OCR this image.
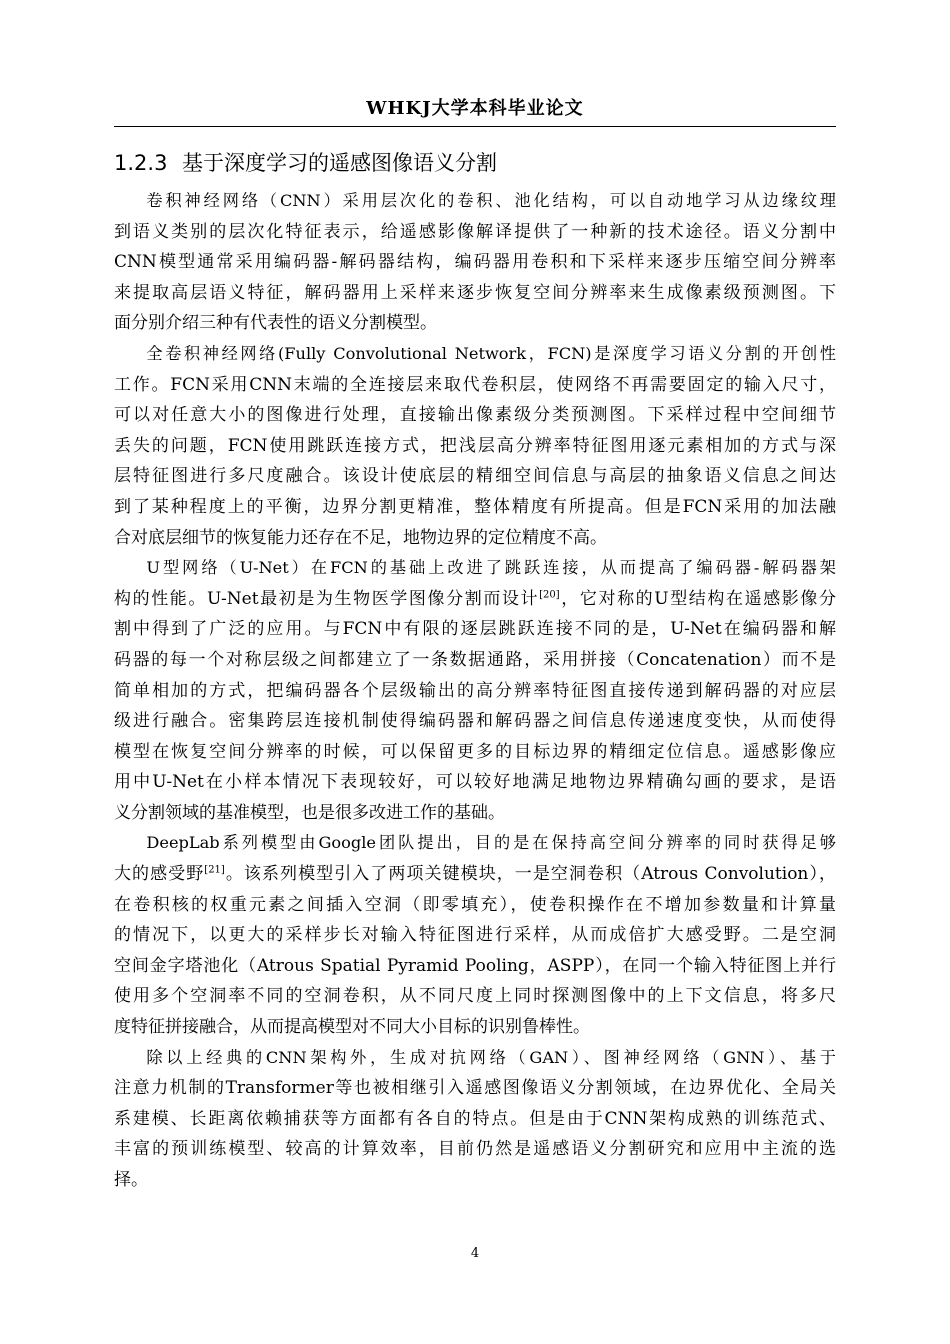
WHKJ大学本科毕业论文
1.2.3 基于深度学习的遥感图像语义分割

卷积神经网络（CNN）采用层次化的卷积、池化结构，可以自动地学习从边缘纹理
到语义类别的层次化特征表示，给遥感影像解译提供了一种新的技术途径。语义分割中
CNN模型通常采用编码器-解码器结构，编码器用卷积和下采样来逐步压缩空间分辨率
来提取高层语义特征，解码器用上采样来逐步恢复空间分辨率来生成像素级预测图。下
面分别介绍三种有代表性的语义分割模型。

全卷积神经网络(Fully Convolutional Network，FCN)是深度学习语义分割的开创性
工作。FCN采用CNN末端的全连接层来取代卷积层，使网络不再需要固定的输入尺寸，
可以对任意大小的图像进行处理，直接输出像素级分类预测图。下采样过程中空间细节
丢失的问题，FCN使用跳跃连接方式，把浅层高分辨率特征图用逐元素相加的方式与深
层特征图进行多尺度融合。该设计使底层的精细空间信息与高层的抽象语义信息之间达
到了某种程度上的平衡，边界分割更精准，整体精度有所提高。但是FCN采用的加法融
合对底层细节的恢复能力还存在不足，地物边界的定位精度不高。

U型网络（U-Net）在FCN的基础上改进了跳跃连接，从而提高了编码器-解码器架
构的性能。U-Net最初是为生物医学图像分割而设计[20]，它对称的U型结构在遥感影像分
割中得到了广泛的应用。与FCN中有限的逐层跳跃连接不同的是，U-Net在编码器和解
码器的每一个对称层级之间都建立了一条数据通路，采用拼接（Concatenation）而不是
简单相加的方式，把编码器各个层级输出的高分辨率特征图直接传递到解码器的对应层
级进行融合。密集跨层连接机制使得编码器和解码器之间信息传递速度变快，从而使得
模型在恢复空间分辨率的时候，可以保留更多的目标边界的精细定位信息。遥感影像应
用中U-Net在小样本情况下表现较好，可以较好地满足地物边界精确勾画的要求，是语
义分割领域的基准模型，也是很多改进工作的基础。

DeepLab系列模型由Google团队提出，目的是在保持高空间分辨率的同时获得足够
大的感受野[21]。该系列模型引入了两项关键模块，一是空洞卷积（Atrous Convolution），
在卷积核的权重元素之间插入空洞（即零填充），使卷积操作在不增加参数量和计算量
的情况下，以更大的采样步长对输入特征图进行采样，从而成倍扩大感受野。二是空洞
空间金字塔池化（Atrous Spatial Pyramid Pooling，ASPP），在同一个输入特征图上并行
使用多个空洞率不同的空洞卷积，从不同尺度上同时探测图像中的上下文信息，将多尺
度特征拼接融合，从而提高模型对不同大小目标的识别鲁棒性。

除以上经典的CNN架构外，生成对抗网络（GAN）、图神经网络（GNN）、基于
注意力机制的Transformer等也被相继引入遥感图像语义分割领域，在边界优化、全局关
系建模、长距离依赖捕获等方面都有各自的特点。但是由于CNN架构成熟的训练范式、
丰富的预训练模型、较高的计算效率，目前仍然是遥感语义分割研究和应用中主流的选
择。

4
